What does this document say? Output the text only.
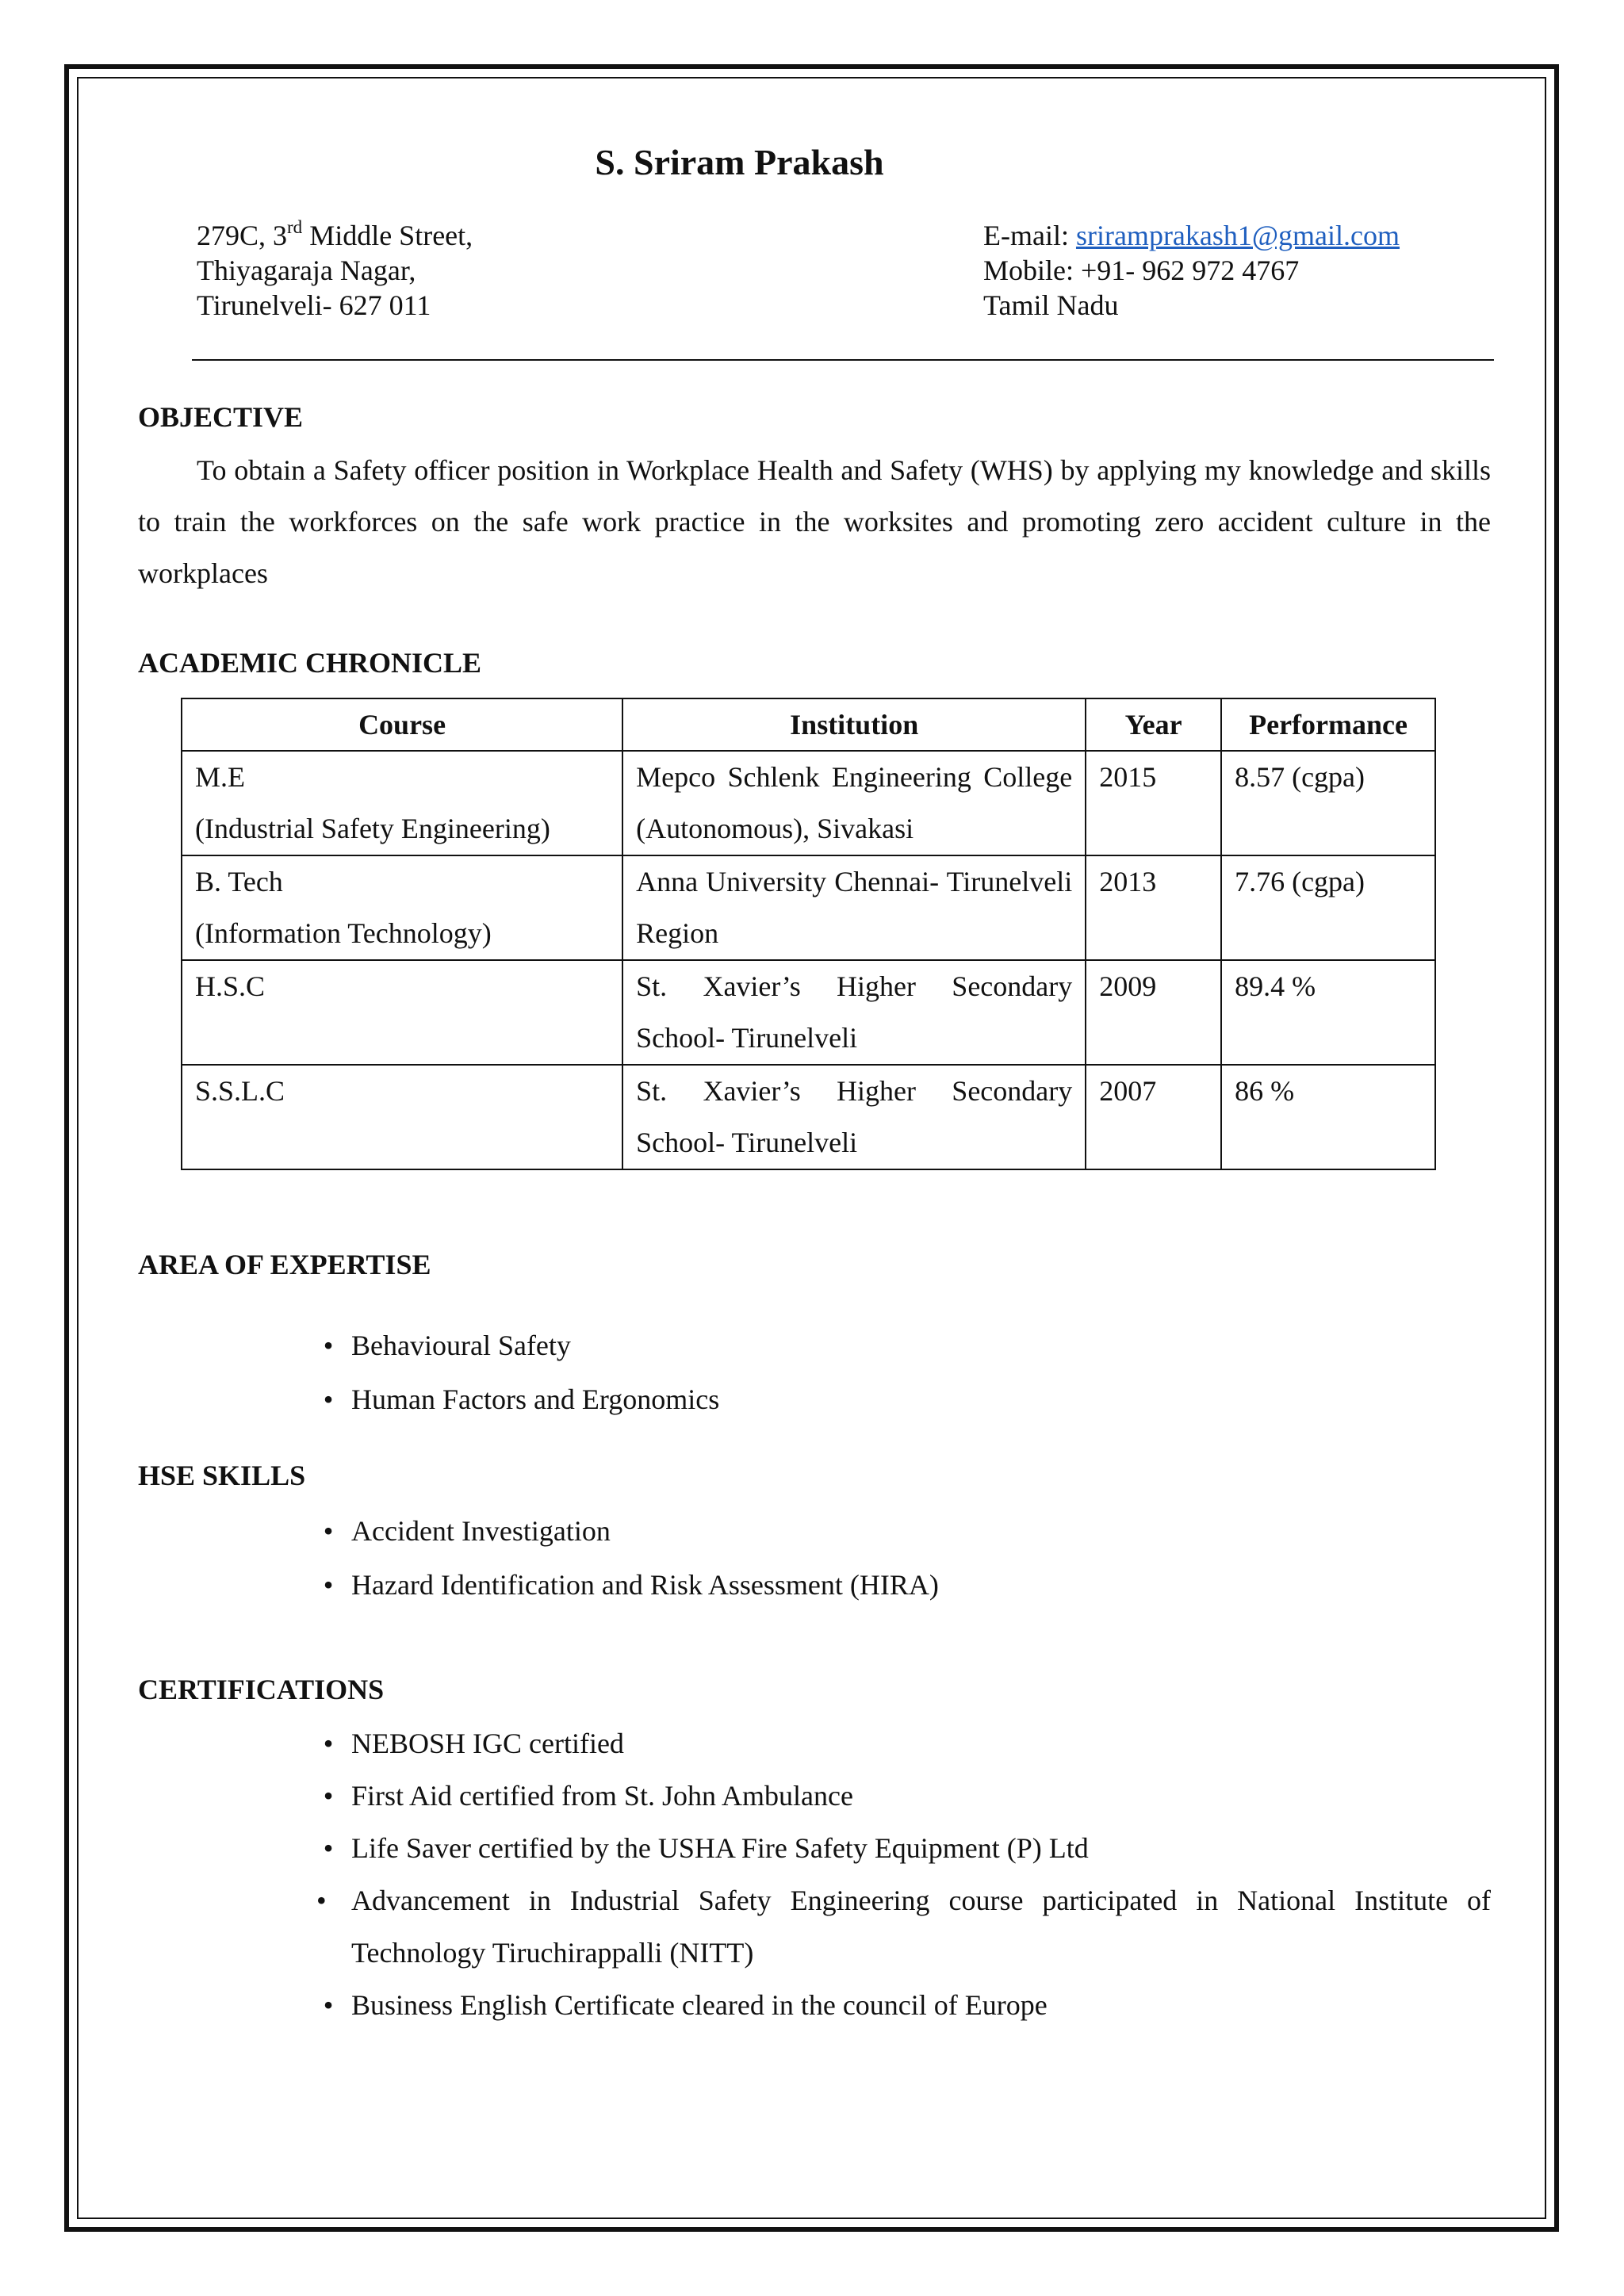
S. Sriram Prakash
279C, 3rd Middle Street,
Thiyagaraja Nagar,
Tirunelveli- 627 011
E-mail: sriramprakash1@gmail.com
Mobile: +91- 962 972 4767
Tamil Nadu
OBJECTIVE

To obtain a Safety officer position in Workplace Health and Safety (WHS) by applying my knowledge and skills to train the workforces on the safe work practice in the worksites and promoting zero accident culture in the workplaces

ACADEMIC CHRONICLE
Course	Institution	Year	Performance

M.E
(Industrial Safety Engineering)	Mepco Schlenk Engineering College (Autonomous), Sivakasi	2015	8.57 (cgpa)

B. Tech
(Information Technology)	Anna University Chennai- Tirunelveli Region	2013	7.76 (cgpa)

H.S.C	St. Xavier’s Higher Secondary School- Tirunelveli	2009	89.4 %

S.S.L.C	St. Xavier’s Higher Secondary School- Tirunelveli	2007	86 %
AREA OF EXPERTISE
• Behavioural Safety
• Human Factors and Ergonomics
HSE SKILLS
• Accident Investigation
• Hazard Identification and Risk Assessment (HIRA)
CERTIFICATIONS
• NEBOSH IGC certified
• First Aid certified from St. John Ambulance
• Life Saver certified by the USHA Fire Safety Equipment (P) Ltd
• Advancement in Industrial Safety Engineering course participated in National Institute of Technology Tiruchirappalli (NITT)
• Business English Certificate cleared in the council of Europe
